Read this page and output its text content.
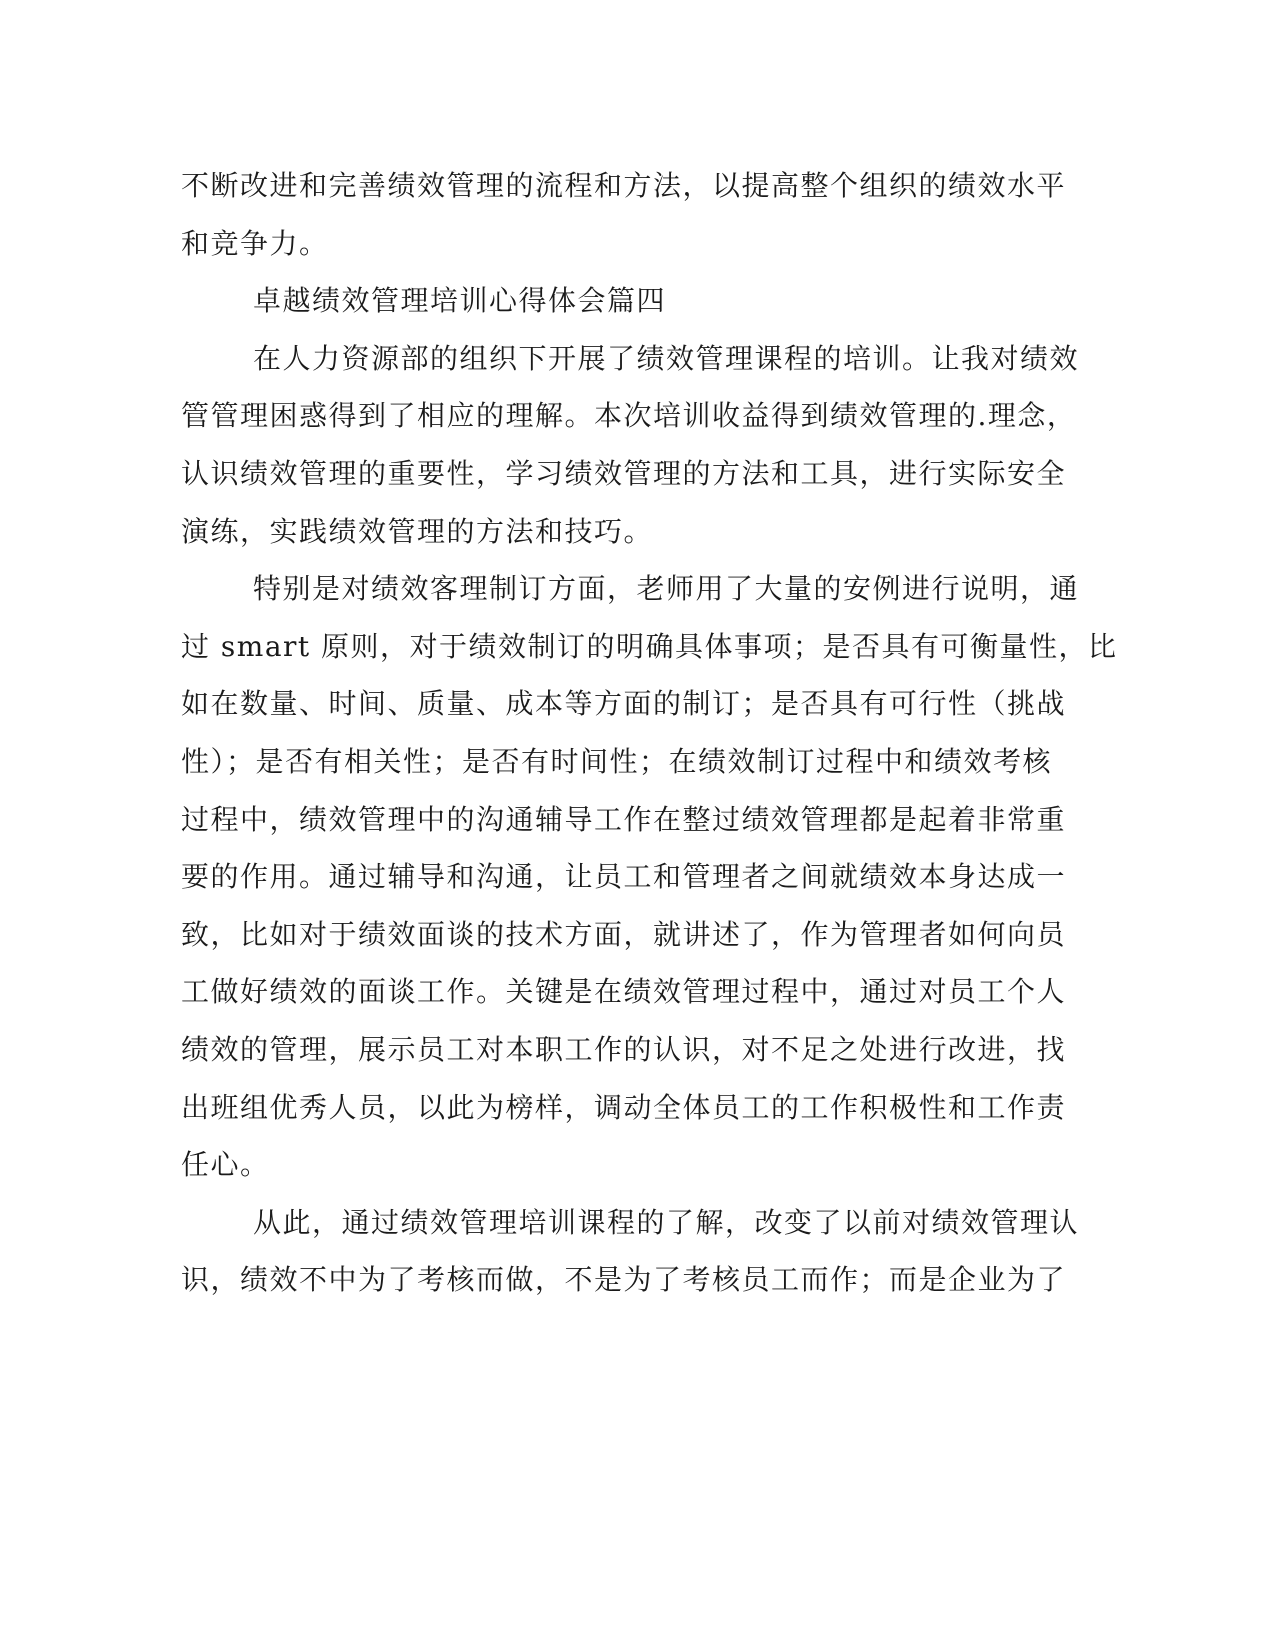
不断改进和完善绩效管理的流程和方法，以提高整个组织的绩效水平
和竞争力。

卓越绩效管理培训心得体会篇四

在人力资源部的组织下开展了绩效管理课程的培训。让我对绩效
管管理困惑得到了相应的理解。本次培训收益得到绩效管理的.理念，
认识绩效管理的重要性，学习绩效管理的方法和工具，进行实际安全
演练，实践绩效管理的方法和技巧。

特别是对绩效客理制订方面，老师用了大量的安例进行说明，通
过 smart 原则，对于绩效制订的明确具体事项；是否具有可衡量性，比
如在数量、时间、质量、成本等方面的制订；是否具有可行性（挑战
性）；是否有相关性；是否有时间性；在绩效制订过程中和绩效考核
过程中，绩效管理中的沟通辅导工作在整过绩效管理都是起着非常重
要的作用。通过辅导和沟通，让员工和管理者之间就绩效本身达成一
致，比如对于绩效面谈的技术方面，就讲述了，作为管理者如何向员
工做好绩效的面谈工作。关键是在绩效管理过程中，通过对员工个人
绩效的管理，展示员工对本职工作的认识，对不足之处进行改进，找
出班组优秀人员，以此为榜样，调动全体员工的工作积极性和工作责
任心。

从此，通过绩效管理培训课程的了解，改变了以前对绩效管理认
识，绩效不中为了考核而做，不是为了考核员工而作；而是企业为了
